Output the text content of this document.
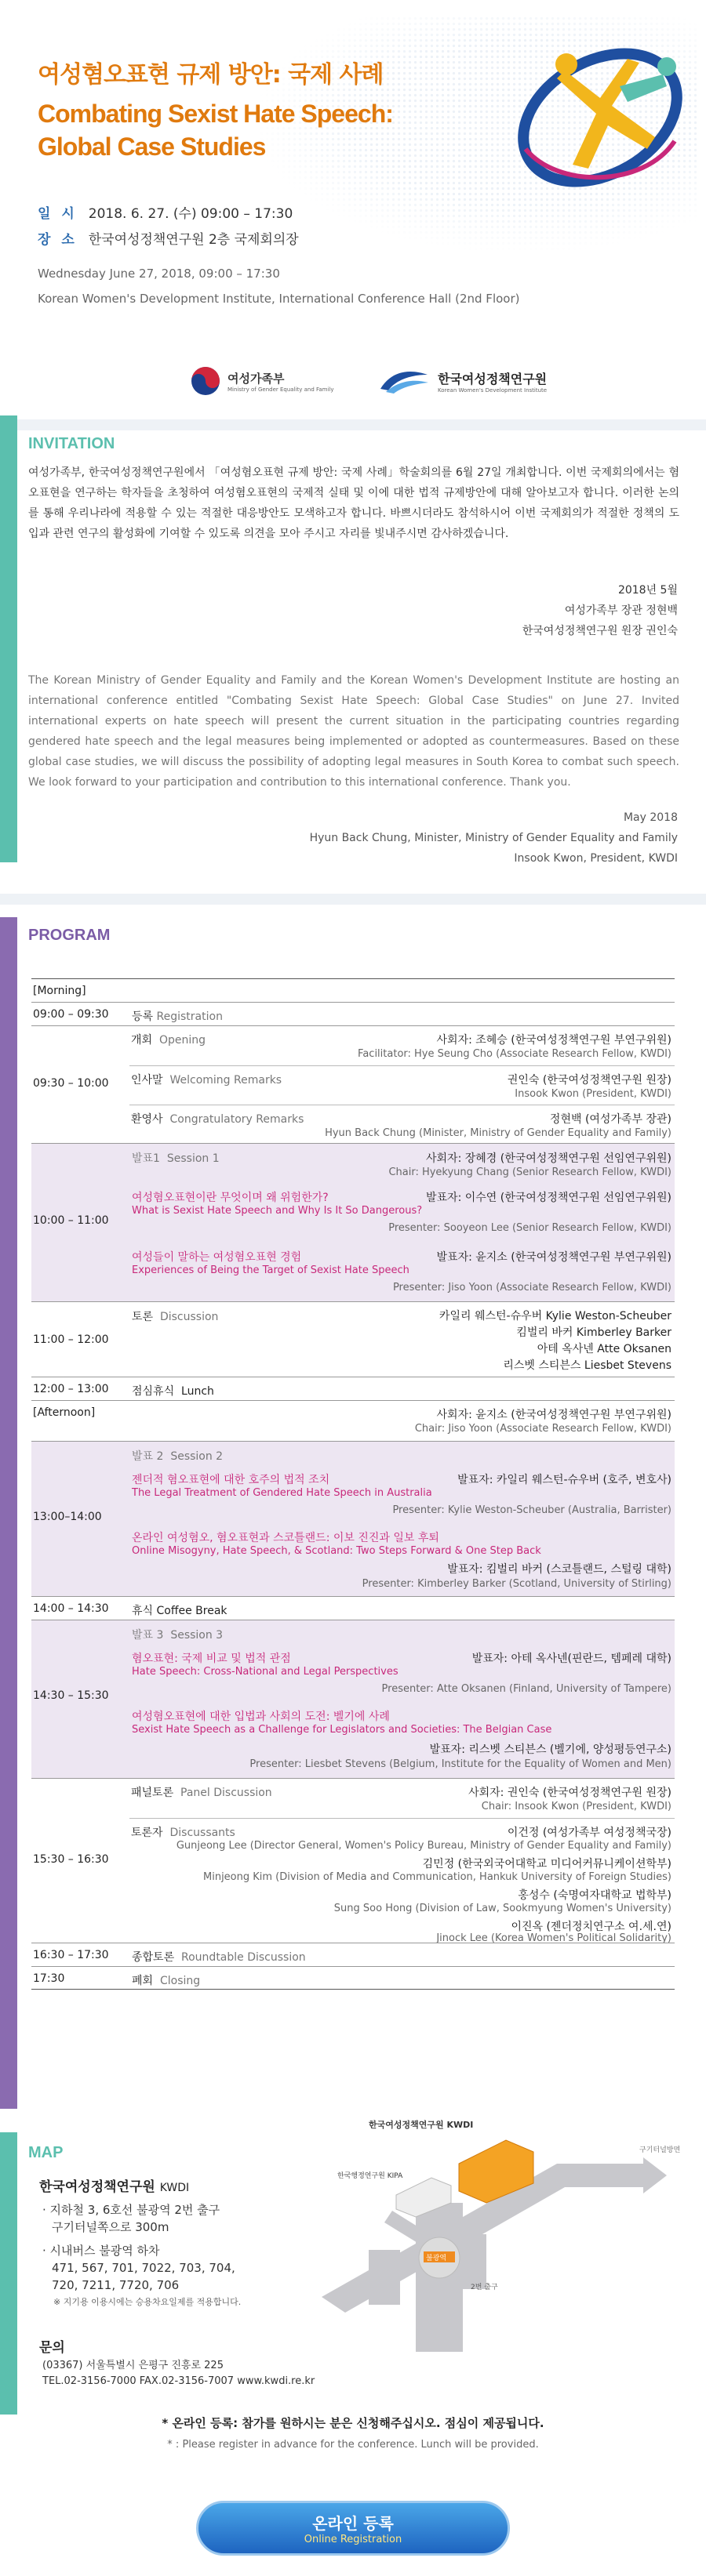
여성혐오표현 규제 방안: 국제 사례
Combating Sexist Hate Speech:
Global Case Studies
일 시 2018. 6. 27. (수) 09:00 – 17:30
장 소 한국여성정책연구원 2층 국제회의장
Wednesday June 27, 2018, 09:00 – 17:30
Korean Women's Development Institute, International Conference Hall (2nd Floor)
여성가족부
Ministry of Gender Equality and Family
한국여성정책연구원
Korean Women's Development Institute
INVITATION
여성가족부, 한국여성정책연구원에서 「여성혐오표현 규제 방안: 국제 사례」학술회의를 6월 27일 개최합니다. 이번 국제회의에서는 혐오표현을 연구하는 학자들을 초청하여 여성혐오표현의 국제적 실태 및 이에 대한 법적 규제방안에 대해 알아보고자 합니다. 이러한 논의를 통해 우리나라에 적용할 수 있는 적절한 대응방안도 모색하고자 합니다. 바쁘시더라도 참석하시어 이번 국제회의가 적절한 정책의 도입과 관련 연구의 활성화에 기여할 수 있도록 의견을 모아 주시고 자리를 빛내주시면 감사하겠습니다.
2018년 5월
여성가족부 장관 정현백
한국여성정책연구원 원장 권인숙
The Korean Ministry of Gender Equality and Family and the Korean Women's Development Institute are hosting an international conference entitled "Combating Sexist Hate Speech: Global Case Studies" on June 27. Invited international experts on hate speech will present the current situation in the participating countries regarding gendered hate speech and the legal measures being implemented or adopted as countermeasures. Based on these global case studies, we will discuss the possibility of adopting legal measures in South Korea to combat such speech. We look forward to your participation and contribution to this international conference. Thank you.
May 2018
Hyun Back Chung, Minister, Ministry of Gender Equality and Family
Insook Kwon, President, KWDI
PROGRAM
[Morning]
09:00 – 09:30 등록 Registration
09:30 – 10:00
개회 Opening	사회자: 조혜승 (한국여성정책연구원 부연구위원)
Facilitator: Hye Seung Cho (Associate Research Fellow, KWDI)
인사말 Welcoming Remarks	권인숙 (한국여성정책연구원 원장)
Insook Kwon (President, KWDI)
환영사 Congratulatory Remarks	정현백 (여성가족부 장관)
Hyun Back Chung (Minister, Ministry of Gender Equality and Family)
10:00 – 11:00
발표1 Session 1	사회자: 장혜경 (한국여성정책연구원 선임연구위원)
Chair: Hyekyung Chang (Senior Research Fellow, KWDI)
여성혐오표현이란 무엇이며 왜 위험한가?
What is Sexist Hate Speech and Why Is It So Dangerous?
발표자: 이수연 (한국여성정책연구원 선임연구위원)
Presenter: Sooyeon Lee (Senior Research Fellow, KWDI)
여성들이 말하는 여성혐오표현 경험
Experiences of Being the Target of Sexist Hate Speech
발표자: 윤지소 (한국여성정책연구원 부연구위원)
Presenter: Jiso Yoon (Associate Research Fellow, KWDI)
11:00 – 12:00
토론 Discussion	카일리 웨스턴-슈우버 Kylie Weston-Scheuber
킴벌리 바커 Kimberley Barker
아테 옥사넨 Atte Oksanen
리스벳 스티븐스 Liesbet Stevens
12:00 – 13:00 점심휴식 Lunch
[Afternoon]	사회자: 윤지소 (한국여성정책연구원 부연구위원)
Chair: Jiso Yoon (Associate Research Fellow, KWDI)
13:00–14:00
발표 2 Session 2
젠더적 혐오표현에 대한 호주의 법적 조치	발표자: 카일리 웨스턴-슈우버 (호주, 변호사)
The Legal Treatment of Gendered Hate Speech in Australia
Presenter: Kylie Weston-Scheuber (Australia, Barrister)
온라인 여성혐오, 혐오표현과 스코틀랜드: 이보 진진과 일보 후퇴
Online Misogyny, Hate Speech, & Scotland: Two Steps Forward & One Step Back
발표자: 킴벌리 바커 (스코틀랜드, 스털링 대학)
Presenter: Kimberley Barker (Scotland, University of Stirling)
14:00 – 14:30 휴식 Coffee Break
14:30 – 15:30
발표 3 Session 3
혐오표현: 국제 비교 및 법적 관점	발표자: 아테 옥사넨(핀란드, 템페레 대학)
Hate Speech: Cross-National and Legal Perspectives
Presenter: Atte Oksanen (Finland, University of Tampere)
여성혐오표현에 대한 입법과 사회의 도전: 벨기에 사례
Sexist Hate Speech as a Challenge for Legislators and Societies: The Belgian Case
발표자: 리스벳 스티븐스 (벨기에, 양성평등연구소)
Presenter: Liesbet Stevens (Belgium, Institute for the Equality of Women and Men)
15:30 – 16:30
패널토론 Panel Discussion	사회자: 권인숙 (한국여성정책연구원 원장)
Chair: Insook Kwon (President, KWDI)
토론자 Discussants	이건정 (여성가족부 여성정책국장)
Gunjeong Lee (Director General, Women's Policy Bureau, Ministry of Gender Equality and Family)
김민정 (한국외국어대학교 미디어커뮤니케이션학부)
Minjeong Kim (Division of Media and Communication, Hankuk University of Foreign Studies)
홍성수 (숙명여자대학교 법학부)
Sung Soo Hong (Division of Law, Sookmyung Women's University)
이진옥 (젠더정치연구소 여.세.연)
Jinock Lee (Korea Women's Political Solidarity)
16:30 – 17:30 종합토론 Roundtable Discussion
17:30	폐회 Closing
MAP
한국여성정책연구원 KWDI
· 지하철 3, 6호선 불광역 2번 출구
구기터널쪽으로 300m
· 시내버스 불광역 하차
471, 567, 701, 7022, 703, 704,
720, 7211, 7720, 706
※ 지기용 이용시에는 승용차요일제를 적용합니다.
문의
(03367) 서울특별시 은평구 진흥로 225
TEL.02-3156-7000 FAX.02-3156-7007 www.kwdi.re.kr
한국여성정책연구원 KWDI
구기터널방면
한국행정연구원 KIPA
불광역
2번 출구
* 온라인 등록: 참가를 원하시는 분은 신청해주십시오. 점심이 제공됩니다.
* : Please register in advance for the conference. Lunch will be provided.
온라인 등록
Online Registration
